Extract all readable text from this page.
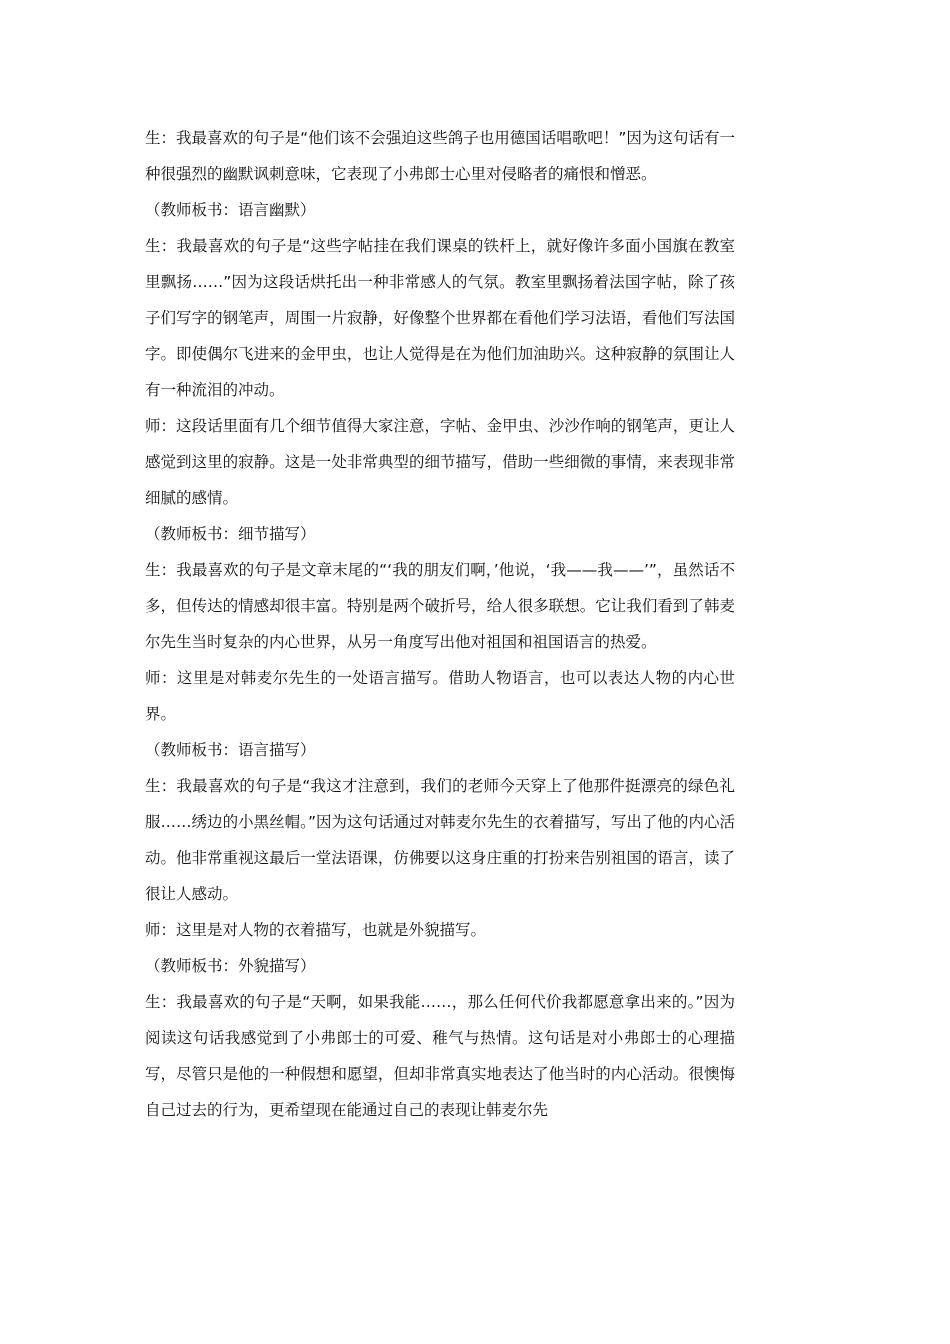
生：我最喜欢的句子是“他们该不会强迫这些鸽子也用德国话唱歌吧！”因为这句话有一种很强烈的幽默讽刺意味，它表现了小弗郎士心里对侵略者的痛恨和憎恶。

（教师板书：语言幽默）

生：我最喜欢的句子是“这些字帖挂在我们课桌的铁杆上，就好像许多面小国旗在教室里飘扬……”因为这段话烘托出一种非常感人的气氛。教室里飘扬着法国字帖，除了孩子们写字的钢笔声，周围一片寂静，好像整个世界都在看他们学习法语，看他们写法国字。即使偶尔飞进来的金甲虫，也让人觉得是在为他们加油助兴。这种寂静的氛围让人有一种流泪的冲动。

师：这段话里面有几个细节值得大家注意，字帖、金甲虫、沙沙作响的钢笔声，更让人感觉到这里的寂静。这是一处非常典型的细节描写，借助一些细微的事情，来表现非常细腻的感情。

（教师板书：细节描写）

生：我最喜欢的句子是文章末尾的“‘我的朋友们啊，’他说，‘我——我——’”，虽然话不多，但传达的情感却很丰富。特别是两个破折号，给人很多联想。它让我们看到了韩麦尔先生当时复杂的内心世界，从另一角度写出他对祖国和祖国语言的热爱。

师：这里是对韩麦尔先生的一处语言描写。借助人物语言，也可以表达人物的内心世界。

（教师板书：语言描写）

生：我最喜欢的句子是“我这才注意到，我们的老师今天穿上了他那件挺漂亮的绿色礼服……绣边的小黑丝帽。”因为这句话通过对韩麦尔先生的衣着描写，写出了他的内心活动。他非常重视这最后一堂法语课，仿佛要以这身庄重的打扮来告别祖国的语言，读了很让人感动。

师：这里是对人物的衣着描写，也就是外貌描写。

（教师板书：外貌描写）

生：我最喜欢的句子是“天啊，如果我能……，那么任何代价我都愿意拿出来的。”因为阅读这句话我感觉到了小弗郎士的可爱、稚气与热情。这句话是对小弗郎士的心理描写，尽管只是他的一种假想和愿望，但却非常真实地表达了他当时的内心活动。很懊悔自己过去的行为，更希望现在能通过自己的表现让韩麦尔先
